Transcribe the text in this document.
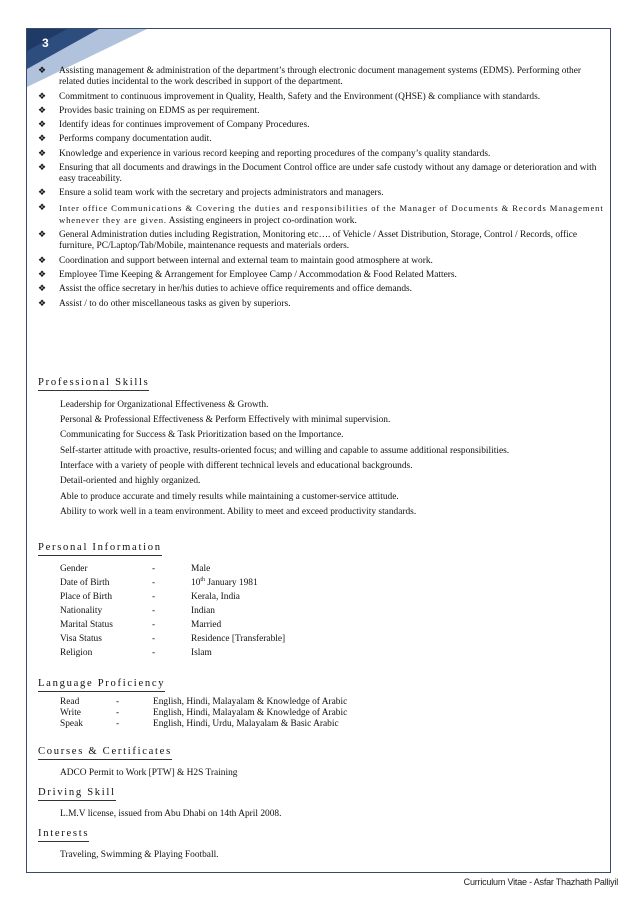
3
❖ Assisting management & administration of the department’s through electronic document management systems (EDMS). Performing other related duties incidental to the work described in support of the department.
❖ Commitment to continuous improvement in Quality, Health, Safety and the Environment (QHSE) & compliance with standards.
❖ Provides basic training on EDMS as per requirement.
❖ Identify ideas for continues improvement of Company Procedures.
❖ Performs company documentation audit.
❖ Knowledge and experience in various record keeping and reporting procedures of the company’s quality standards.
❖ Ensuring that all documents and drawings in the Document Control office are under safe custody without any damage or deterioration and with easy traceability.
❖ Ensure a solid team work with the secretary and projects administrators and managers.
❖ Inter office Communications & Covering the duties and responsibilities of the Manager of Documents & Records Management whenever they are given. Assisting engineers in project co-ordination work.
❖ General Administration duties including Registration, Monitoring etc…. of Vehicle / Asset Distribution, Storage, Control / Records, office furniture, PC/Laptop/Tab/Mobile, maintenance requests and materials orders.
❖ Coordination and support between internal and external team to maintain good atmosphere at work.
❖ Employee Time Keeping & Arrangement for Employee Camp / Accommodation & Food Related Matters.
❖ Assist the office secretary in her/his duties to achieve office requirements and office demands.
❖ Assist / to do other miscellaneous tasks as given by superiors.
Professional Skills
Leadership for Organizational Effectiveness & Growth.
Personal & Professional Effectiveness & Perform Effectively with minimal supervision.
Communicating for Success & Task Prioritization based on the Importance.
Self-starter attitude with proactive, results-oriented focus; and willing and capable to assume additional responsibilities.
Interface with a variety of people with different technical levels and educational backgrounds.
Detail-oriented and highly organized.
Able to produce accurate and timely results while maintaining a customer-service attitude.
Ability to work well in a team environment. Ability to meet and exceed productivity standards.
Personal Information
Gender	-	Male
Date of Birth	-	10th January 1981
Place of Birth	-	Kerala, India
Nationality	-	Indian
Marital Status	-	Married
Visa Status	-	Residence [Transferable]
Religion	-	Islam
Language Proficiency
Read	-	English, Hindi, Malayalam & Knowledge of Arabic
Write	-	English, Hindi, Malayalam & Knowledge of Arabic
Speak	-	English, Hindi, Urdu, Malayalam & Basic Arabic
Courses & Certificates
ADCO Permit to Work [PTW] & H2S Training
Driving Skill
L.M.V license, issued from Abu Dhabi on 14th April 2008.
Interests
Traveling, Swimming & Playing Football.
Curriculum Vitae - Asfar Thazhath Palliyil
